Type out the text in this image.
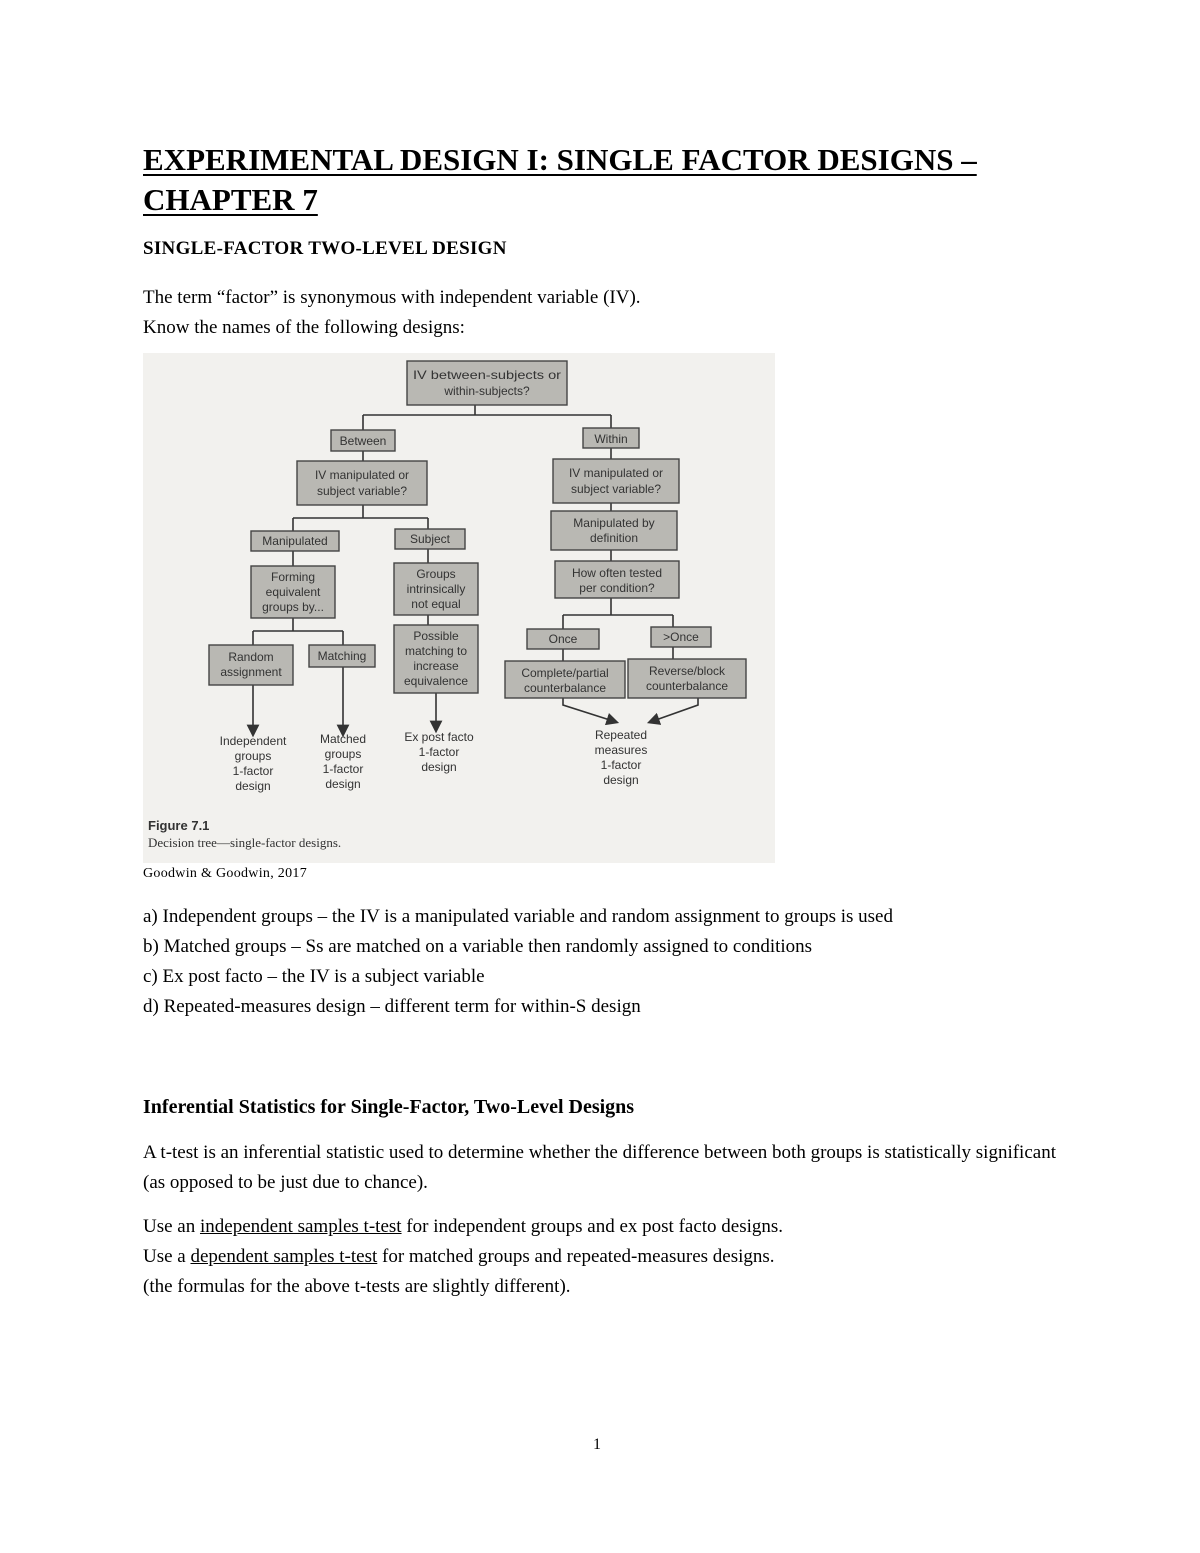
EXPERIMENTAL DESIGN I: SINGLE FACTOR DESIGNS – CHAPTER 7
SINGLE-FACTOR TWO-LEVEL DESIGN
The term “factor” is synonymous with independent variable (IV).
Know the names of the following designs:
IV between-subjects or
within-subjects?
Between	Within
IV manipulated or
subject variable?
IV manipulated or
subject variable?
Manipulated	Subject
Manipulated by
definition
Forming
equivalent
groups by...
Groups
intrinsically
not equal
How often tested
per condition?
Random
assignment
Matching
Possible
matching to
increase
equivalence
Once	>Once
Complete/partial
counterbalance
Reverse/block
counterbalance
Independent
groups
1-factor
design
Matched
groups
1-factor
design
Ex post facto
1-factor
design
Repeated
measures
1-factor
design
Figure 7.1
Decision tree—single-factor designs.
Goodwin & Goodwin, 2017
a) Independent groups – the IV is a manipulated variable and random assignment to groups is used
b) Matched groups – Ss are matched on a variable then randomly assigned to conditions
c) Ex post facto – the IV is a subject variable
d) Repeated-measures design – different term for within-S design
Inferential Statistics for Single-Factor, Two-Level Designs
A t-test is an inferential statistic used to determine whether the difference between both groups is statistically significant (as opposed to be just due to chance).
Use an independent samples t-test for independent groups and ex post facto designs.
Use a dependent samples t-test for matched groups and repeated-measures designs.
(the formulas for the above t-tests are slightly different).
1
